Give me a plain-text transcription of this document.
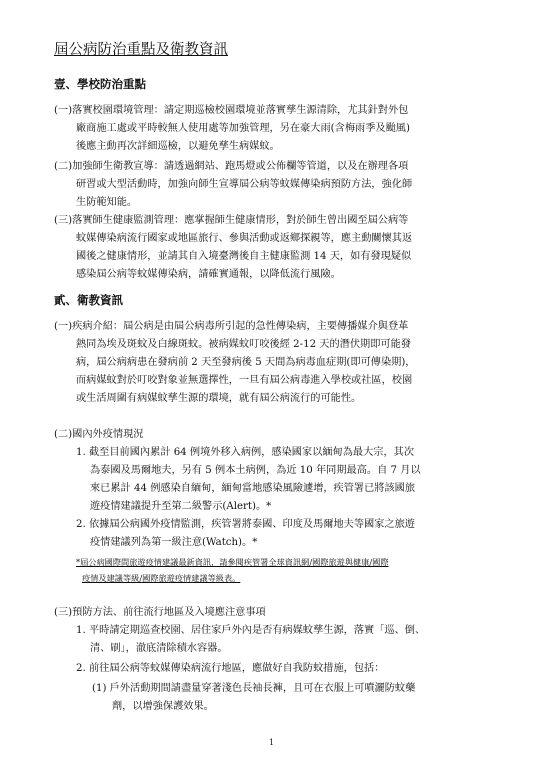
屆公病防治重點及衛教資訊
壹、學校防治重點
(一)落實校園環境管理：請定期巡檢校園環境並落實孳生源清除，尤其針對外包
廠商施工處或平時較無人使用處等加強管理，另在豪大雨(含梅雨季及颱風)
後應主動再次詳細巡檢，以避免孳生病媒蚊。
(二)加強師生衛教宣導：請透過網站、跑馬燈或公佈欄等管道，以及在辦理各項
研習或大型活動時，加強向師生宣導屆公病等蚊媒傳染病預防方法，強化師
生防範知能。
(三)落實師生健康監測管理：應掌握師生健康情形，對於師生曾出國至屆公病等
蚊媒傳染病流行國家或地區旅行、參與活動或返鄉探親等，應主動關懷其返
國後之健康情形，並請其自入境臺灣後自主健康監測 14 天，如有發現疑似
感染屆公病等蚊媒傳染病，請確實通報，以降低流行風險。
貳、衛教資訊
(一)疾病介紹：屆公病是由屆公病毒所引起的急性傳染病，主要傳播媒介與登革
熱同為埃及斑蚊及白線斑蚊。被病媒蚊叮咬後經 2-12 天的潛伏期即可能發
病，屆公病病患在發病前 2 天至發病後 5 天間為病毒血症期(即可傳染期)，
而病媒蚊對於叮咬對象並無選擇性，一旦有屆公病毒進入學校或社區，校園
或生活周圍有病媒蚊孳生源的環境，就有屆公病流行的可能性。
(二)國內外疫情現況
1. 截至目前國內累計 64 例境外移入病例，感染國家以緬甸為最大宗，其次
為泰國及馬爾地夫，另有 5 例本土病例，為近 10 年同期最高。自 7 月以
來已累計 44 例感染自緬甸，緬甸當地感染風險遽增，疾管署已將該國旅
遊疫情建議提升至第二級警示(Alert)。*
2. 依據屆公病國外疫情監測，疾管署將泰國、印度及馬爾地夫等國家之旅遊
疫情建議列為第一級注意(Watch)。*
*屆公病國際間旅遊疫情建議最新資訊，請參閱疾管署全球資訊網/國際旅遊與健康/國際
疫情及建議等級/國際旅遊疫情建議等級表。
(三)預防方法、前往流行地區及入境應注意事項
1. 平時請定期巡查校園、居住家戶外內是否有病媒蚊孳生源，落實「巡、倒、
清、刷」，澈底清除積水容器。
2. 前往屆公病等蚊媒傳染病流行地區，應做好自我防蚊措施，包括：
(1) 戶外活動期間請盡量穿著淺色長袖長褲，且可在衣服上可噴灑防蚊藥
劑，以增強保護效果。
1
